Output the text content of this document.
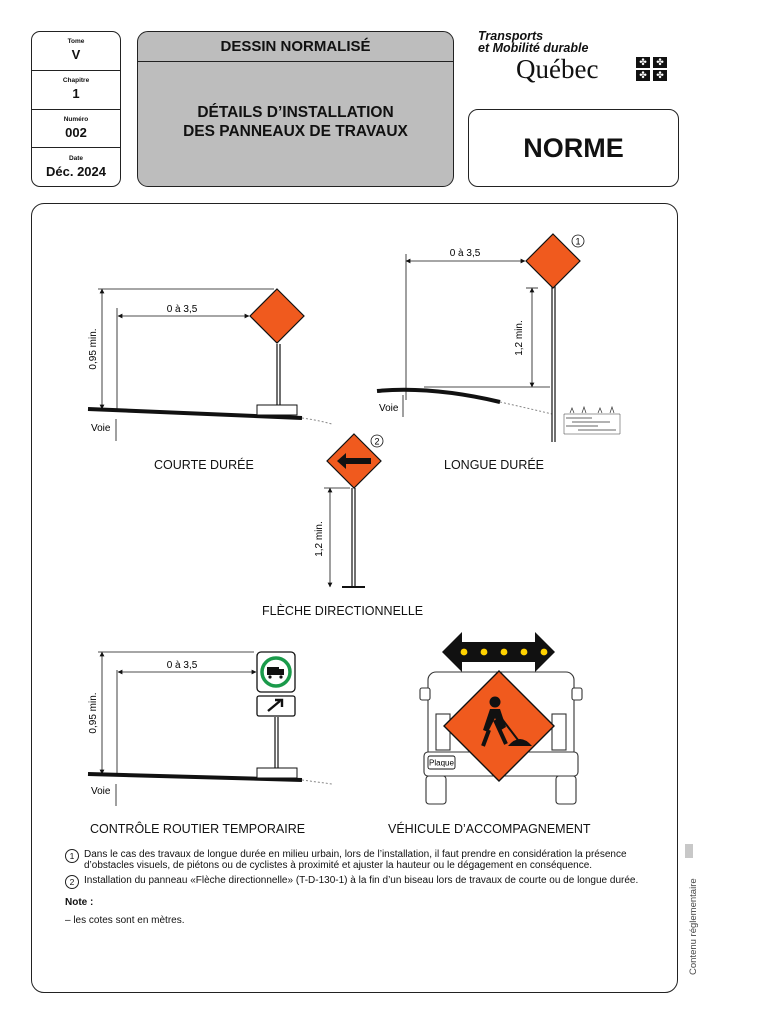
Tome
V
Chapitre
1
Numéro
002
Date
Déc. 2024
DESSIN NORMALISÉ
DÉTAILS D’INSTALLATION
DES PANNEAUX DE TRAVAUX
Transports
et Mobilité durable
Québec	✤	✤
✤	✤
NORME
0 à 3,5
0,95 min.
Voie
1
0 à 3,5
1,2 min.
Voie
2
1,2 min.
0 à 3,5
0,95 min.
Voie
Plaque
COURTE DURÉE	LONGUE DURÉE
FLÈCHE DIRECTIONNELLE
CONTRÔLE ROUTIER TEMPORAIRE	VÉHICULE D’ACCOMPAGNEMENT
1 Dans le cas des travaux de longue durée en milieu urbain, lors de l’installation, il faut prendre en considération la présence d’obstacles visuels, de piétons ou de cyclistes à proximité et ajuster la hauteur ou le dégagement en conséquence.
2 Installation du panneau «Flèche directionnelle» (T-D-130-1) à la fin d’un biseau lors de travaux de courte ou de longue durée.
Note :
– les cotes sont en mètres.	Contenu réglementaire
